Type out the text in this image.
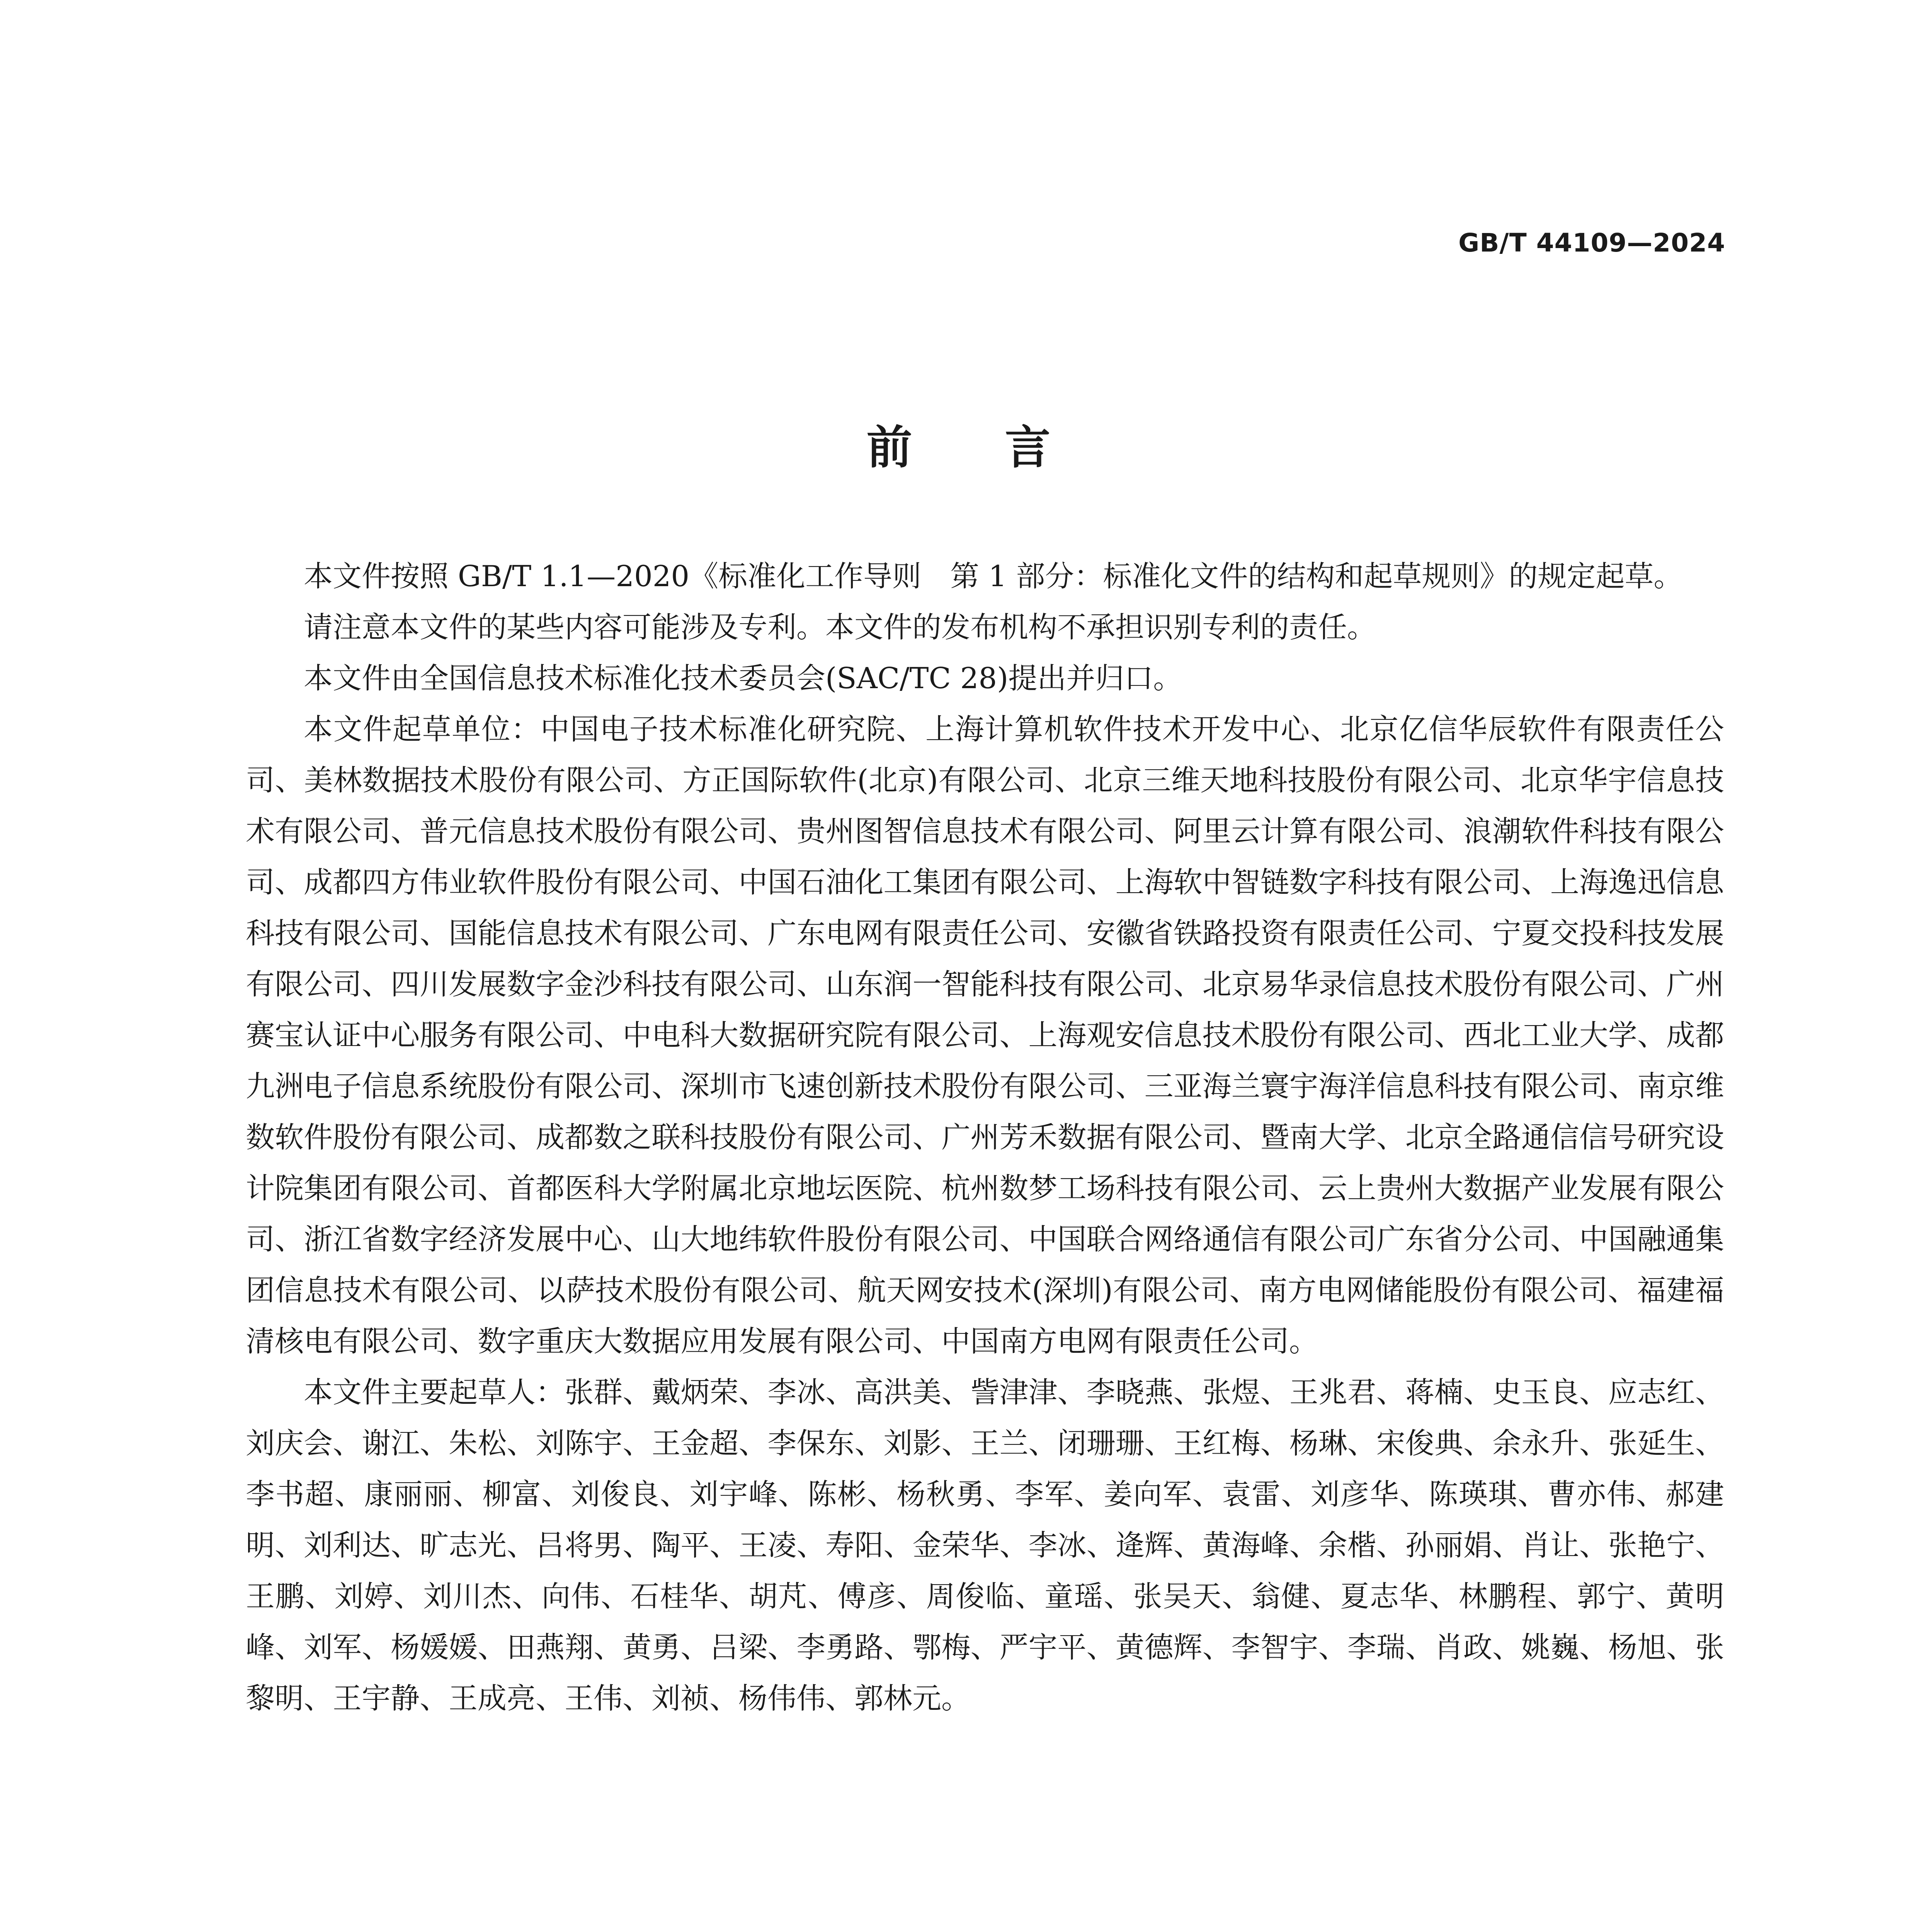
GB/T 44109—2024
前言

本文件按照 GB/T 1.1—2020《标准化工作导则　第 1 部分：标准化文件的结构和起草规则》的规定起草。

请注意本文件的某些内容可能涉及专利。本文件的发布机构不承担识别专利的责任。

本文件由全国信息技术标准化技术委员会(SAC/TC 28)提出并归口。

本文件起草单位：中国电子技术标准化研究院、上海计算机软件技术开发中心、北京亿信华辰软件有限责任公司、美林数据技术股份有限公司、方正国际软件(北京)有限公司、北京三维天地科技股份有限公司、北京华宇信息技术有限公司、普元信息技术股份有限公司、贵州图智信息技术有限公司、阿里云计算有限公司、浪潮软件科技有限公司、成都四方伟业软件股份有限公司、中国石油化工集团有限公司、上海软中智链数字科技有限公司、上海逸迅信息科技有限公司、国能信息技术有限公司、广东电网有限责任公司、安徽省铁路投资有限责任公司、宁夏交投科技发展有限公司、四川发展数字金沙科技有限公司、山东润一智能科技有限公司、北京易华录信息技术股份有限公司、广州赛宝认证中心服务有限公司、中电科大数据研究院有限公司、上海观安信息技术股份有限公司、西北工业大学、成都九洲电子信息系统股份有限公司、深圳市飞速创新技术股份有限公司、三亚海兰寰宇海洋信息科技有限公司、南京维数软件股份有限公司、成都数之联科技股份有限公司、广州芳禾数据有限公司、暨南大学、北京全路通信信号研究设计院集团有限公司、首都医科大学附属北京地坛医院、杭州数梦工场科技有限公司、云上贵州大数据产业发展有限公司、浙江省数字经济发展中心、山大地纬软件股份有限公司、中国联合网络通信有限公司广东省分公司、中国融通集团信息技术有限公司、以萨技术股份有限公司、航天网安技术(深圳)有限公司、南方电网储能股份有限公司、福建福清核电有限公司、数字重庆大数据应用发展有限公司、中国南方电网有限责任公司。

本文件主要起草人：张群、戴炳荣、李冰、高洪美、訾津津、李晓燕、张煜、王兆君、蒋楠、史玉良、应志红、刘庆会、谢江、朱松、刘陈宇、王金超、李保东、刘影、王兰、闭珊珊、王红梅、杨琳、宋俊典、余永升、张延生、李书超、康丽丽、柳富、刘俊良、刘宇峰、陈彬、杨秋勇、李军、姜向军、袁雷、刘彦华、陈瑛琪、曹亦伟、郝建明、刘利达、旷志光、吕将男、陶平、王凌、寿阳、金荣华、李冰、逄辉、黄海峰、余楷、孙丽娟、肖让、张艳宁、王鹏、刘婷、刘川杰、向伟、石桂华、胡芃、傅彦、周俊临、童瑶、张吴天、翁健、夏志华、林鹏程、郭宁、黄明峰、刘军、杨媛媛、田燕翔、黄勇、吕梁、李勇路、鄂梅、严宇平、黄德辉、李智宇、李瑞、肖政、姚巍、杨旭、张黎明、王宇静、王成亮、王伟、刘祯、杨伟伟、郭林元。
